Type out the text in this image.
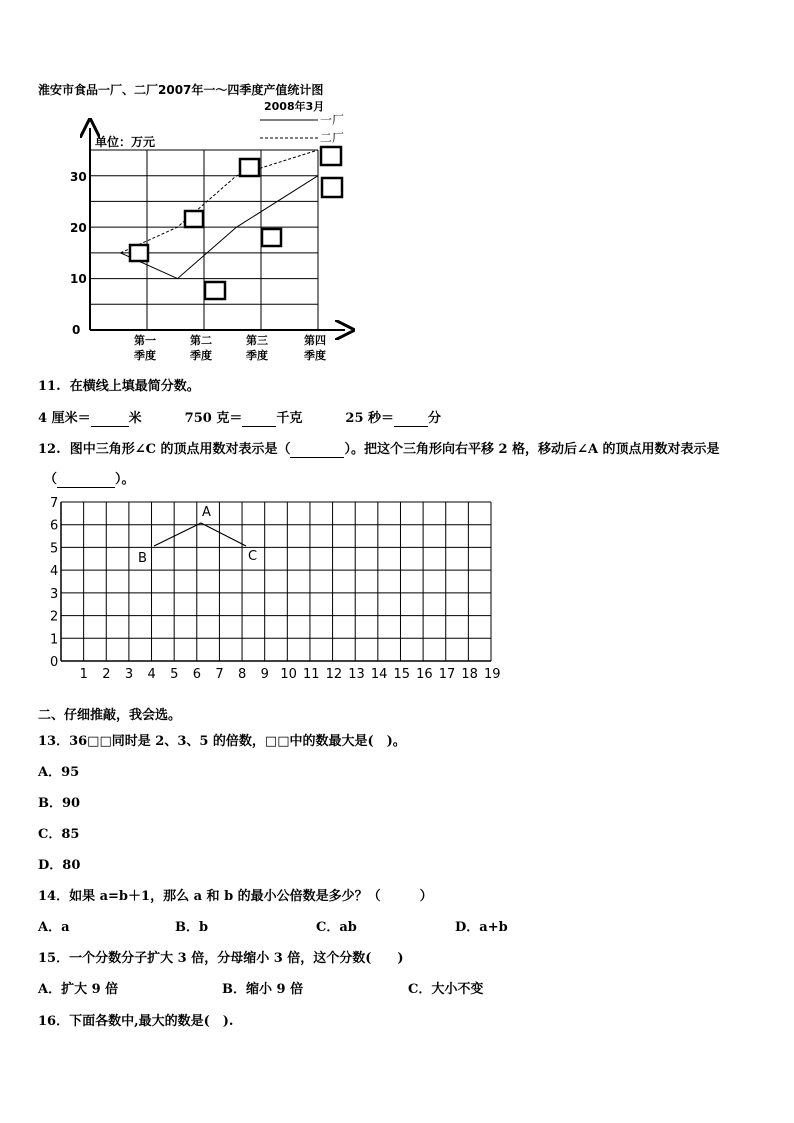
淮安市食品一厂、二厂2007年一～四季度产值统计图
2008年3月
一厂
二厂
单位：万元
0
10
20
30
第一
季度
第二
季度
第三
季度
第四
季度
11. 在横线上填最简分数。
4 厘米＝	米	750 克＝	千克	25 秒＝	分
12. 图中三角形∠C 的顶点用数对表示是（	）。把这个三角形向右平移 2 格，移动后∠A 的顶点用数对表示是
（	）。
1 2 3 4 5 6 7 8 9 10 11 12 13 14 15 16 17 18 19
0
1
2
3
4
5
6
7
A
B	C
二、仔细推敲，我会选。
13．36□□同时是 2、3、5 的倍数，□□中的数最大是(　)。
A．95
B．90
C．85
D．80
14．如果 a=b＋1，那么 a 和 b 的最小公倍数是多少？（　　　）
A．a	B．b	C．ab	D．a+b
15．一个分数分子扩大 3 倍，分母缩小 3 倍，这个分数(　　)
A．扩大 9 倍	B．缩小 9 倍	C．大小不变
16．下面各数中,最大的数是(　).
